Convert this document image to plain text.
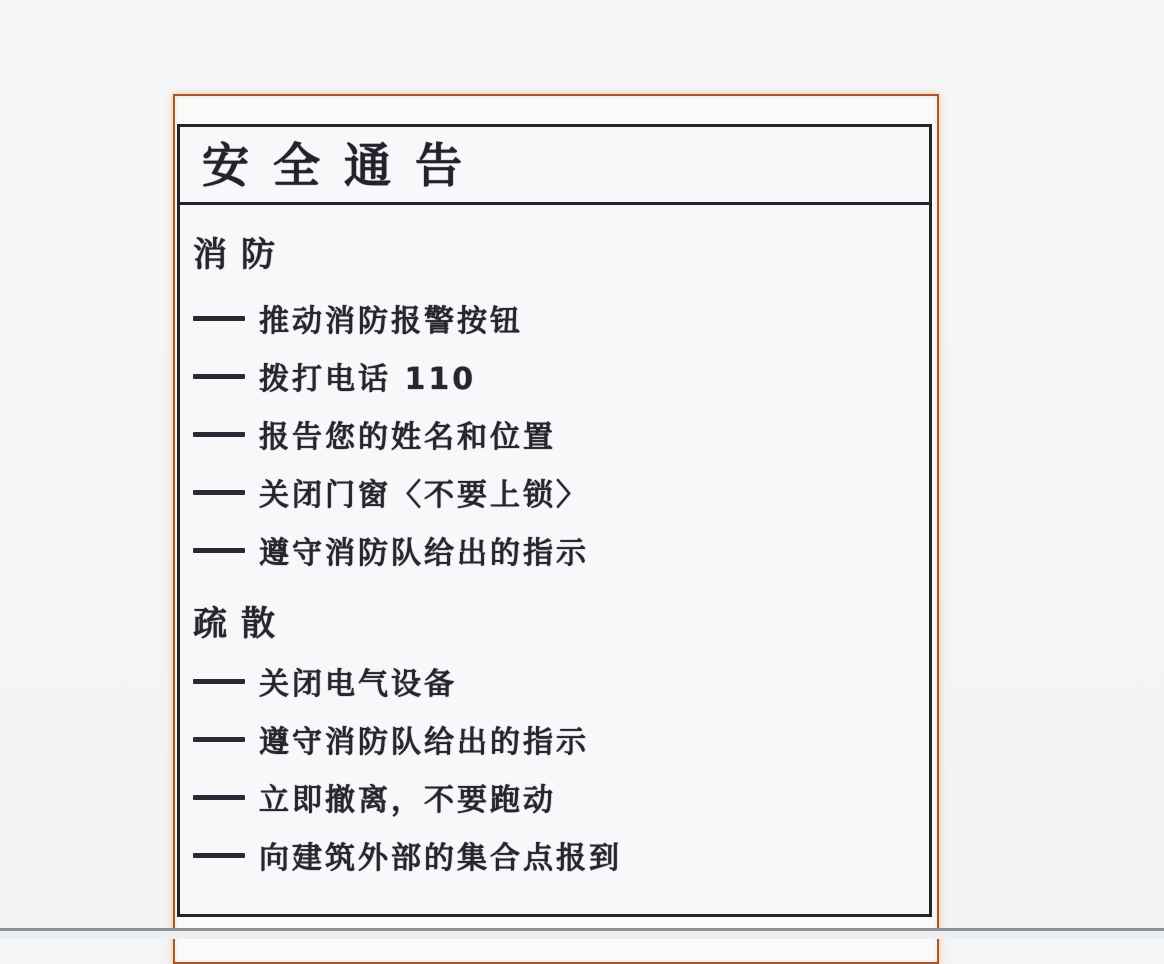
安全通告
消防
推动消防报警按钮
拨打电话 110
报告您的姓名和位置
关闭门窗〈不要上锁〉
遵守消防队给出的指示
疏散
关闭电气设备
遵守消防队给出的指示
立即撤离，不要跑动
向建筑外部的集合点报到
